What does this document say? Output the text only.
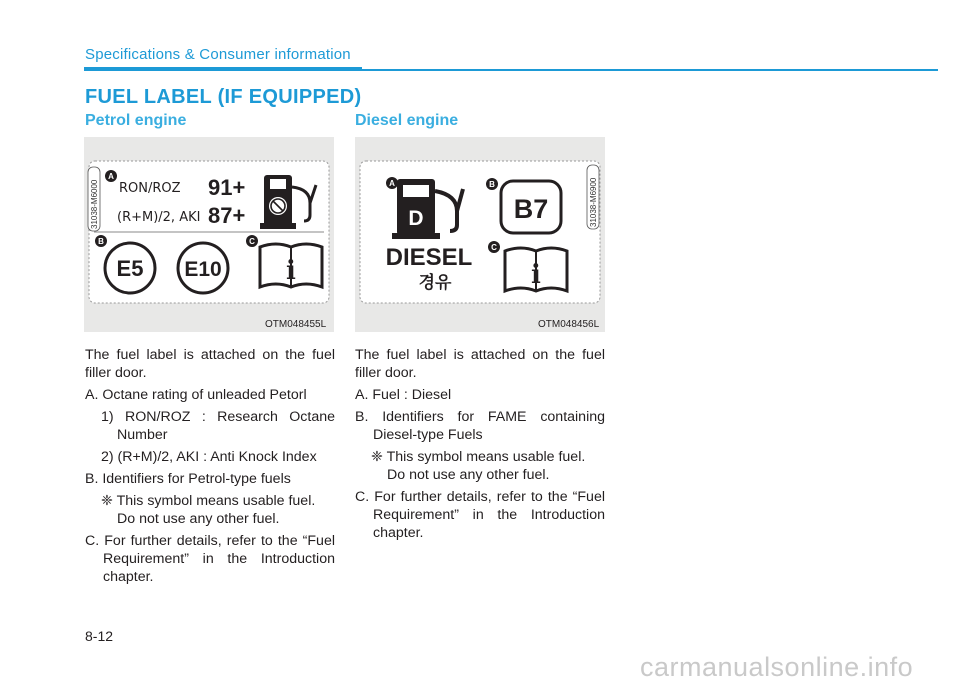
Specifications & Consumer information
FUEL LABEL (IF EQUIPPED)
Petrol engine
31038-M6000
A
RON/ROZ 91+
(R+M)/2, AKI 87+
B
E5 E10
C
i
OTM048455L

The fuel label is attached on the fuel filler door.

A. Octane rating of unleaded Petorl

1) RON/ROZ : Research Octane Number

2) (R+M)/2, AKI : Anti Knock Index

B. Identifiers for Petrol-type fuels

❈ This symbol means usable fuel. Do not use any other fuel.

C. For further details, refer to the “Fuel Requirement” in the Introduction chapter.

Diesel engine
31038-M6900
A
D
DIESEL
경유
B
B7
C
i
OTM048456L

The fuel label is attached on the fuel filler door.

A. Fuel : Diesel

B. Identifiers for FAME containing Diesel-type Fuels

❈ This symbol means usable fuel. Do not use any other fuel.

C. For further details, refer to the “Fuel Requirement” in the Introduction chapter.

8-12
carmanualsonline.info
